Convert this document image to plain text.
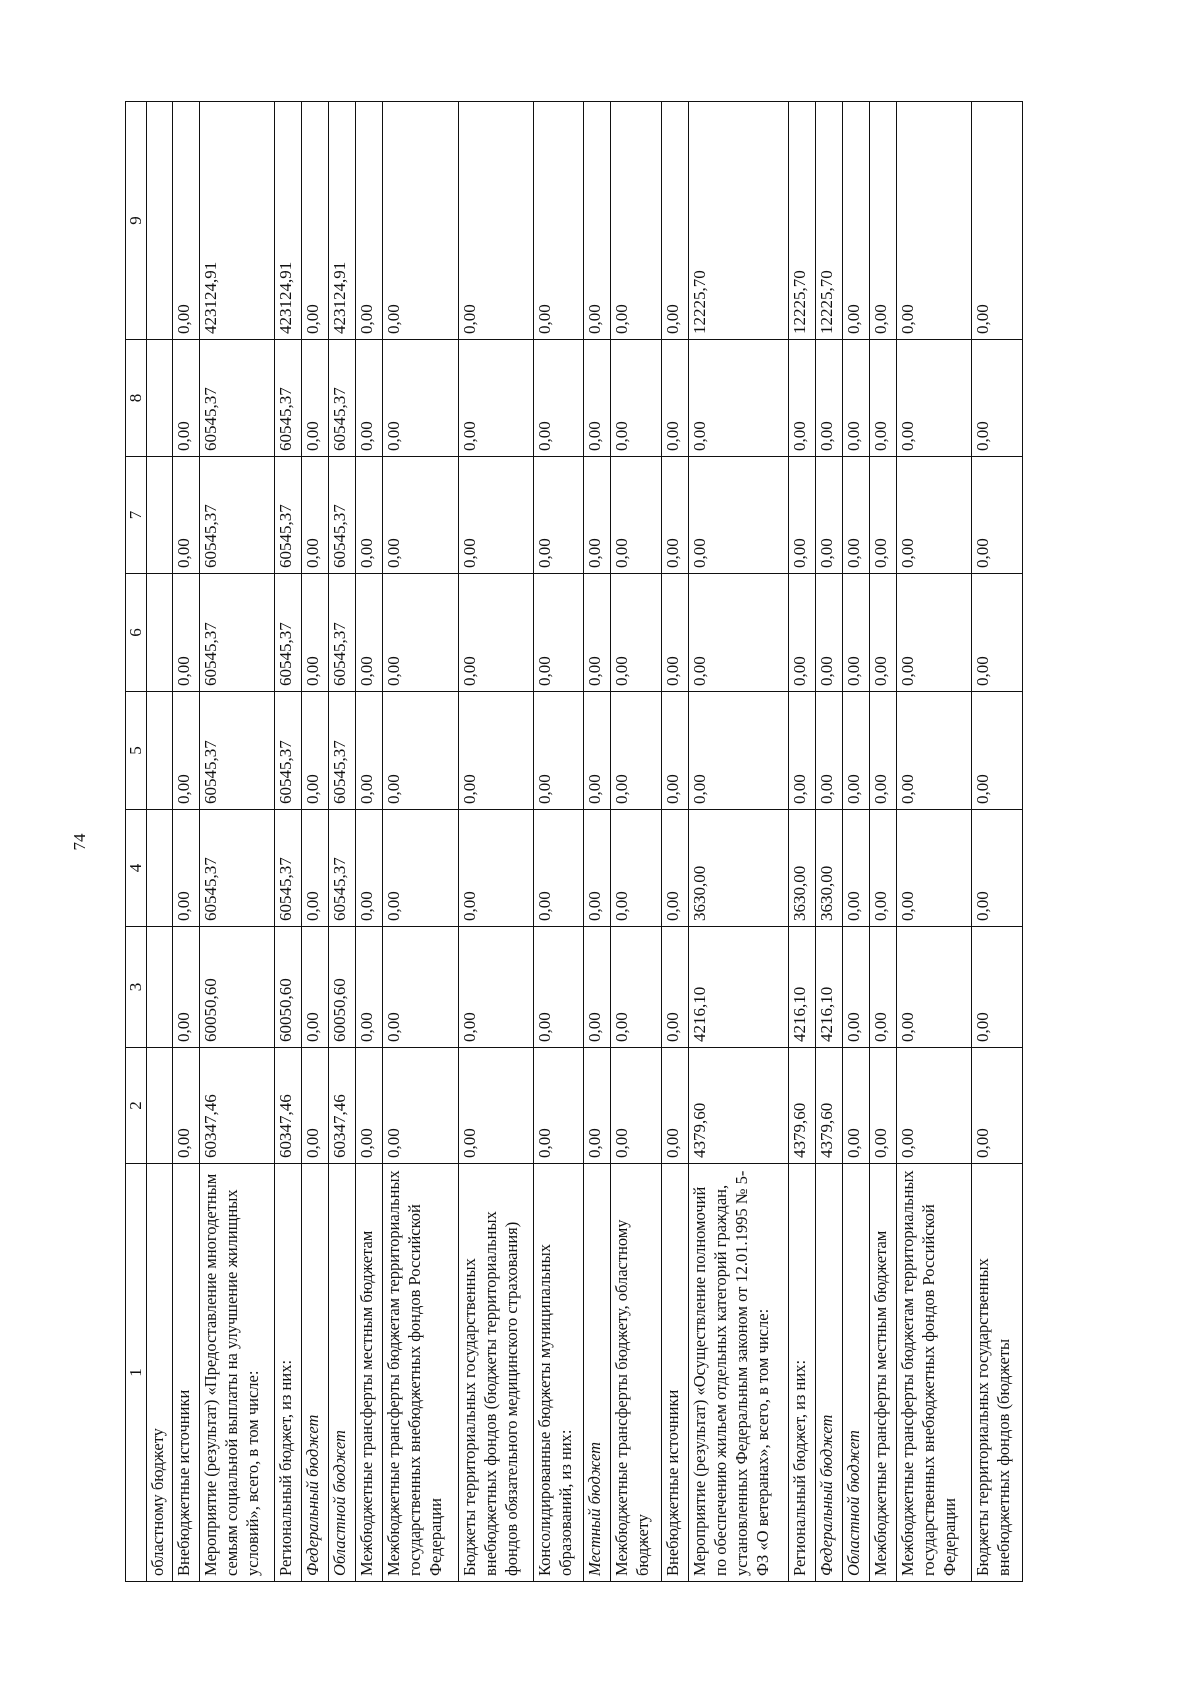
74
1	2	3	4	5	6	7	8	9
областному бюджету								
Внебюджетные источники	0,00	0,00	0,00	0,00	0,00	0,00	0,00	0,00
Мероприятие (результат) «Предоставление многодетным семьям социальной выплаты на улучшение жилищных условий», всего, в том числе:	60347,46	60050,60	60545,37	60545,37	60545,37	60545,37	60545,37	423124,91
Региональный бюджет, из них:	60347,46	60050,60	60545,37	60545,37	60545,37	60545,37	60545,37	423124,91
Федеральный бюджет	0,00	0,00	0,00	0,00	0,00	0,00	0,00	0,00
Областной бюджет	60347,46	60050,60	60545,37	60545,37	60545,37	60545,37	60545,37	423124,91
Межбюджетные трансферты местным бюджетам	0,00	0,00	0,00	0,00	0,00	0,00	0,00	0,00
Межбюджетные трансферты бюджетам территориальных государственных внебюджетных фондов Российской Федерации	0,00	0,00	0,00	0,00	0,00	0,00	0,00	0,00
Бюджеты территориальных государственных внебюджетных фондов (бюджеты территориальных фондов обязательного медицинского страхования)	0,00	0,00	0,00	0,00	0,00	0,00	0,00	0,00
Консолидированные бюджеты муниципальных образований, из них:	0,00	0,00	0,00	0,00	0,00	0,00	0,00	0,00
Местный бюджет	0,00	0,00	0,00	0,00	0,00	0,00	0,00	0,00
Межбюджетные трансферты бюджету, областному бюджету	0,00	0,00	0,00	0,00	0,00	0,00	0,00	0,00
Внебюджетные источники	0,00	0,00	0,00	0,00	0,00	0,00	0,00	0,00
Мероприятие (результат) «Осуществление полномочий по обеспечению жильем отдельных категорий граждан, установленных Федеральным законом от 12.01.1995 № 5-ФЗ «О ветеранах», всего, в том числе:	4379,60	4216,10	3630,00	0,00	0,00	0,00	0,00	12225,70
Региональный бюджет, из них:	4379,60	4216,10	3630,00	0,00	0,00	0,00	0,00	12225,70
Федеральный бюджет	4379,60	4216,10	3630,00	0,00	0,00	0,00	0,00	12225,70
Областной бюджет	0,00	0,00	0,00	0,00	0,00	0,00	0,00	0,00
Межбюджетные трансферты местным бюджетам	0,00	0,00	0,00	0,00	0,00	0,00	0,00	0,00
Межбюджетные трансферты бюджетам территориальных государственных внебюджетных фондов Российской Федерации	0,00	0,00	0,00	0,00	0,00	0,00	0,00	0,00
Бюджеты территориальных государственных внебюджетных фондов (бюджеты	0,00	0,00	0,00	0,00	0,00	0,00	0,00	0,00
